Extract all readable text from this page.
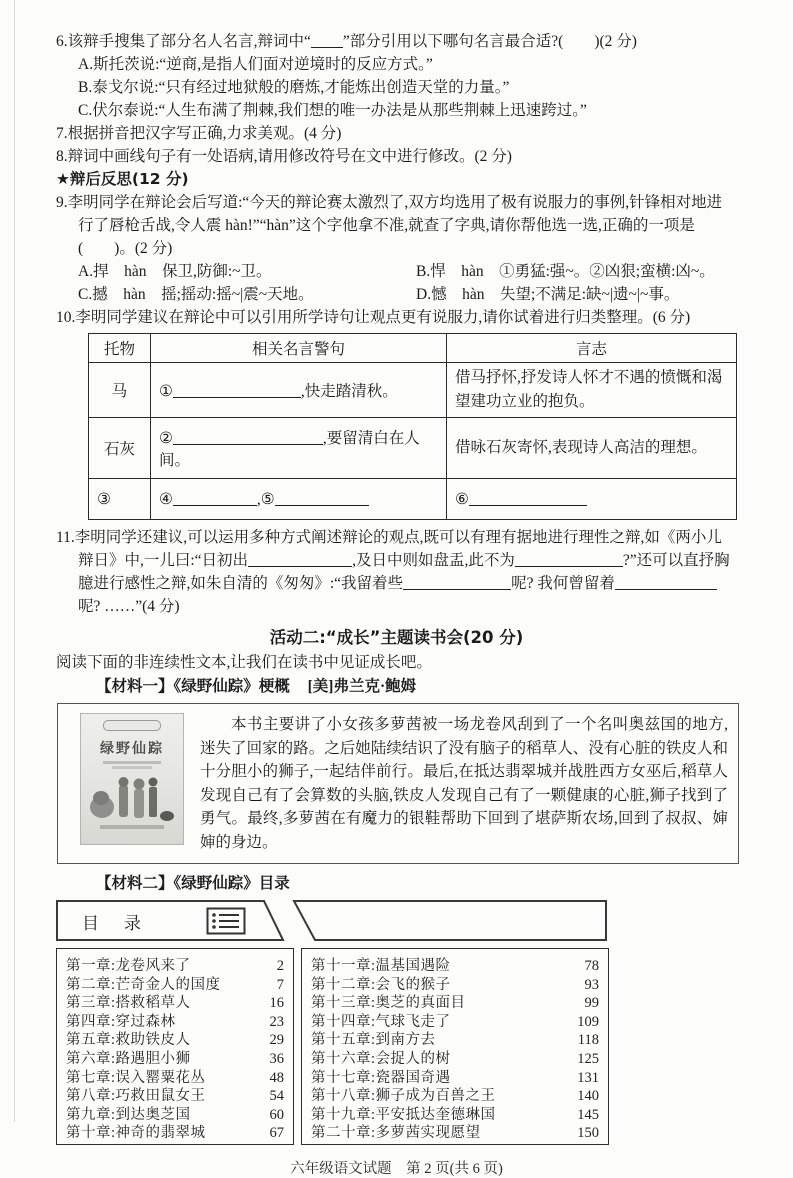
6.该辩手搜集了部分名人名言,辩词中“ ”部分引用以下哪句名言最合适?(　　)(2 分)
A.斯托茨说:“逆商,是指人们面对逆境时的反应方式。”
B.泰戈尔说:“只有经过地狱般的磨炼,才能炼出创造天堂的力量。”
C.伏尔泰说:“人生布满了荆棘,我们想的唯一办法是从那些荆棘上迅速跨过。”
7.根据拼音把汉字写正确,力求美观。(4 分)
8.辩词中画线句子有一处语病,请用修改符号在文中进行修改。(2 分)
★辩后反思(12 分)
9.李明同学在辩论会后写道:“今天的辩论赛太激烈了,双方均选用了极有说服力的事例,针锋相对地进行了唇枪舌战,令人震 hàn!”“hàn”这个字他拿不准,就查了字典,请你帮他选一选,正确的一项是(　　)。(2 分)
A.捍　hàn　保卫,防御:~卫。	B.悍　hàn　①勇猛:强~。②凶狠;蛮横:凶~。
C.撼　hàn　摇;摇动:摇~|震~天地。	D.憾　hàn　失望;不满足:缺~|遗~|~事。
10.李明同学建议在辩论中可以引用所学诗句让观点更有说服力,请你试着进行归类整理。(6 分)
托物	相关名言警句	言志
马	① ,快走踏清秋。	借马抒怀,抒发诗人怀才不遇的愤慨和渴望建功立业的抱负。
石灰	② ,要留清白在人间。	借咏石灰寄怀,表现诗人高洁的理想。
③	④ ,⑤	⑥
11.李明同学还建议,可以运用多种方式阐述辩论的观点,既可以有理有据地进行理性之辩,如《两小儿辩日》中,一儿曰:“日初出	,及日中则如盘盂,此不为	?”还可以直抒胸臆进行感性之辩,如朱自清的《匆匆》:“我留着些	呢? 我何曾留着呢? ……”(4 分)
活动二:“成长”主题读书会(20 分)
阅读下面的非连续性文本,让我们在读书中见证成长吧。
【材料一】《绿野仙踪》梗概 [美]弗兰克·鲍姆
绿野仙踪
本书主要讲了小女孩多萝茜被一场龙卷风刮到了一个名叫奥兹国的地方,迷失了回家的路。之后她陆续结识了没有脑子的稻草人、没有心脏的铁皮人和十分胆小的狮子,一起结伴前行。最后,在抵达翡翠城并战胜西方女巫后,稻草人发现自己有了会算数的头脑,铁皮人发现自己有了一颗健康的心脏,狮子找到了勇气。最终,多萝茜在有魔力的银鞋帮助下回到了堪萨斯农场,回到了叔叔、婶婶的身边。
【材料二】《绿野仙踪》目录
目　录
第一章:龙卷风来了	2
第二章:芒奇金人的国度	7
第三章:搭救稻草人	16
第四章:穿过森林	23
第五章:救助铁皮人	29
第六章:路遇胆小狮	36
第七章:误入罂粟花丛	48
第八章:巧救田鼠女王	54
第九章:到达奥芝国	60
第十章:神奇的翡翠城	67
第十一章:温基国遇险	78
第十二章:会飞的猴子	93
第十三章:奥芝的真面目	99
第十四章:气球飞走了	109
第十五章:到南方去	118
第十六章:会捉人的树	125
第十七章:瓷器国奇遇	131
第十八章:狮子成为百兽之王	140
第十九章:平安抵达奎德琳国	145
第二十章:多萝茜实现愿望	150
六年级语文试题　第 2 页(共 6 页)
